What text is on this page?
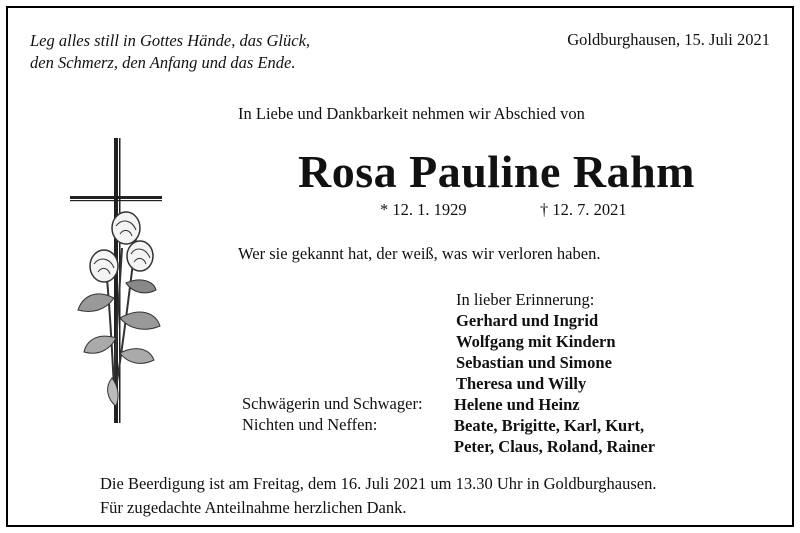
Leg alles still in Gottes Hände, das Glück,
den Schmerz, den Anfang und das Ende.
Goldburghausen, 15. Juli 2021
In Liebe und Dankbarkeit nehmen wir Abschied von
Rosa Pauline Rahm
* 12. 1. 1929	† 12. 7. 2021
Wer sie gekannt hat, der weiß, was wir verloren haben.
In lieber Erinnerung:
Gerhard und Ingrid
Wolfgang mit Kindern
Sebastian und Simone
Theresa und Willy
Schwägerin und Schwager: Helene und Heinz
Nichten und Neffen:	Beate, Brigitte, Karl, Kurt,
Peter, Claus, Roland, Rainer
Die Beerdigung ist am Freitag, dem 16. Juli 2021 um 13.30 Uhr in Goldburghausen.
Für zugedachte Anteilnahme herzlichen Dank.
